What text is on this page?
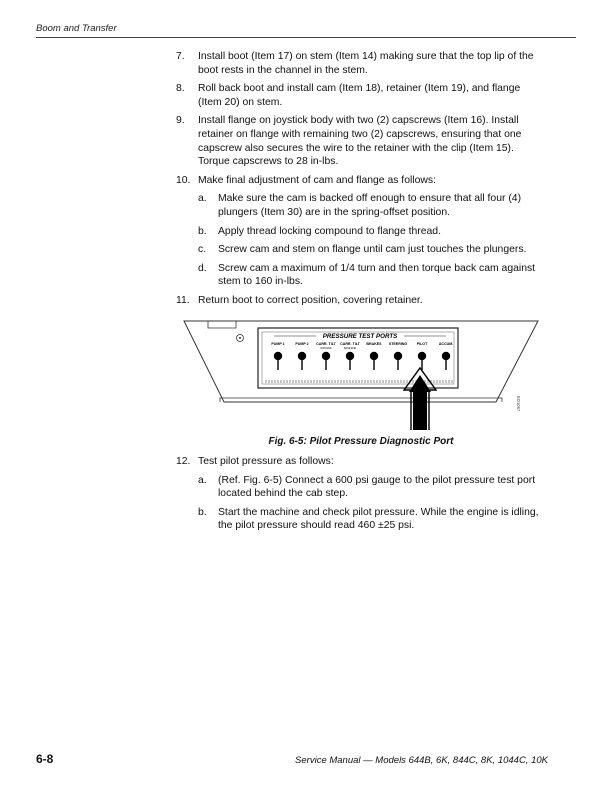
Boom and Transfer
7. Install boot (Item 17) on stem (Item 14) making sure that the top lip of the boot rests in the channel in the stem.
8. Roll back boot and install cam (Item 18), retainer (Item 19), and flange (Item 20) on stem.
9. Install flange on joystick body with two (2) capscrews (Item 16). Install retainer on flange with remaining two (2) capscrews, ensuring that one capscrew also secures the wire to the retainer with the clip (Item 15). Torque capscrews to 28 in-lbs.
10. Make final adjustment of cam and flange as follows:
a. Make sure the cam is backed off enough to ensure that all four (4) plungers (Item 30) are in the spring-offset position.
b. Apply thread locking compound to flange thread.
c. Screw cam and stem on flange until cam just touches the plungers.
d. Screw cam a maximum of 1/4 turn and then torque back cam against stem to 160 in-lbs.
11. Return boot to correct position, covering retainer.
PRESSURE TEST PORTS
PUMP 1	PUMP 2 CARR. TILT
ROD END
CARR. TILT
BASE END
BRAKES STEERING	PILOT	ACCUM.
EO1067
Fig. 6-5: Pilot Pressure Diagnostic Port
12. Test pilot pressure as follows:
a. (Ref. Fig. 6-5) Connect a 600 psi gauge to the pilot pressure test port located behind the cab step.
b. Start the machine and check pilot pressure. While the engine is idling, the pilot pressure should read 460 ±25 psi.
6-8	Service Manual — Models 644B, 6K, 844C, 8K, 1044C, 10K
